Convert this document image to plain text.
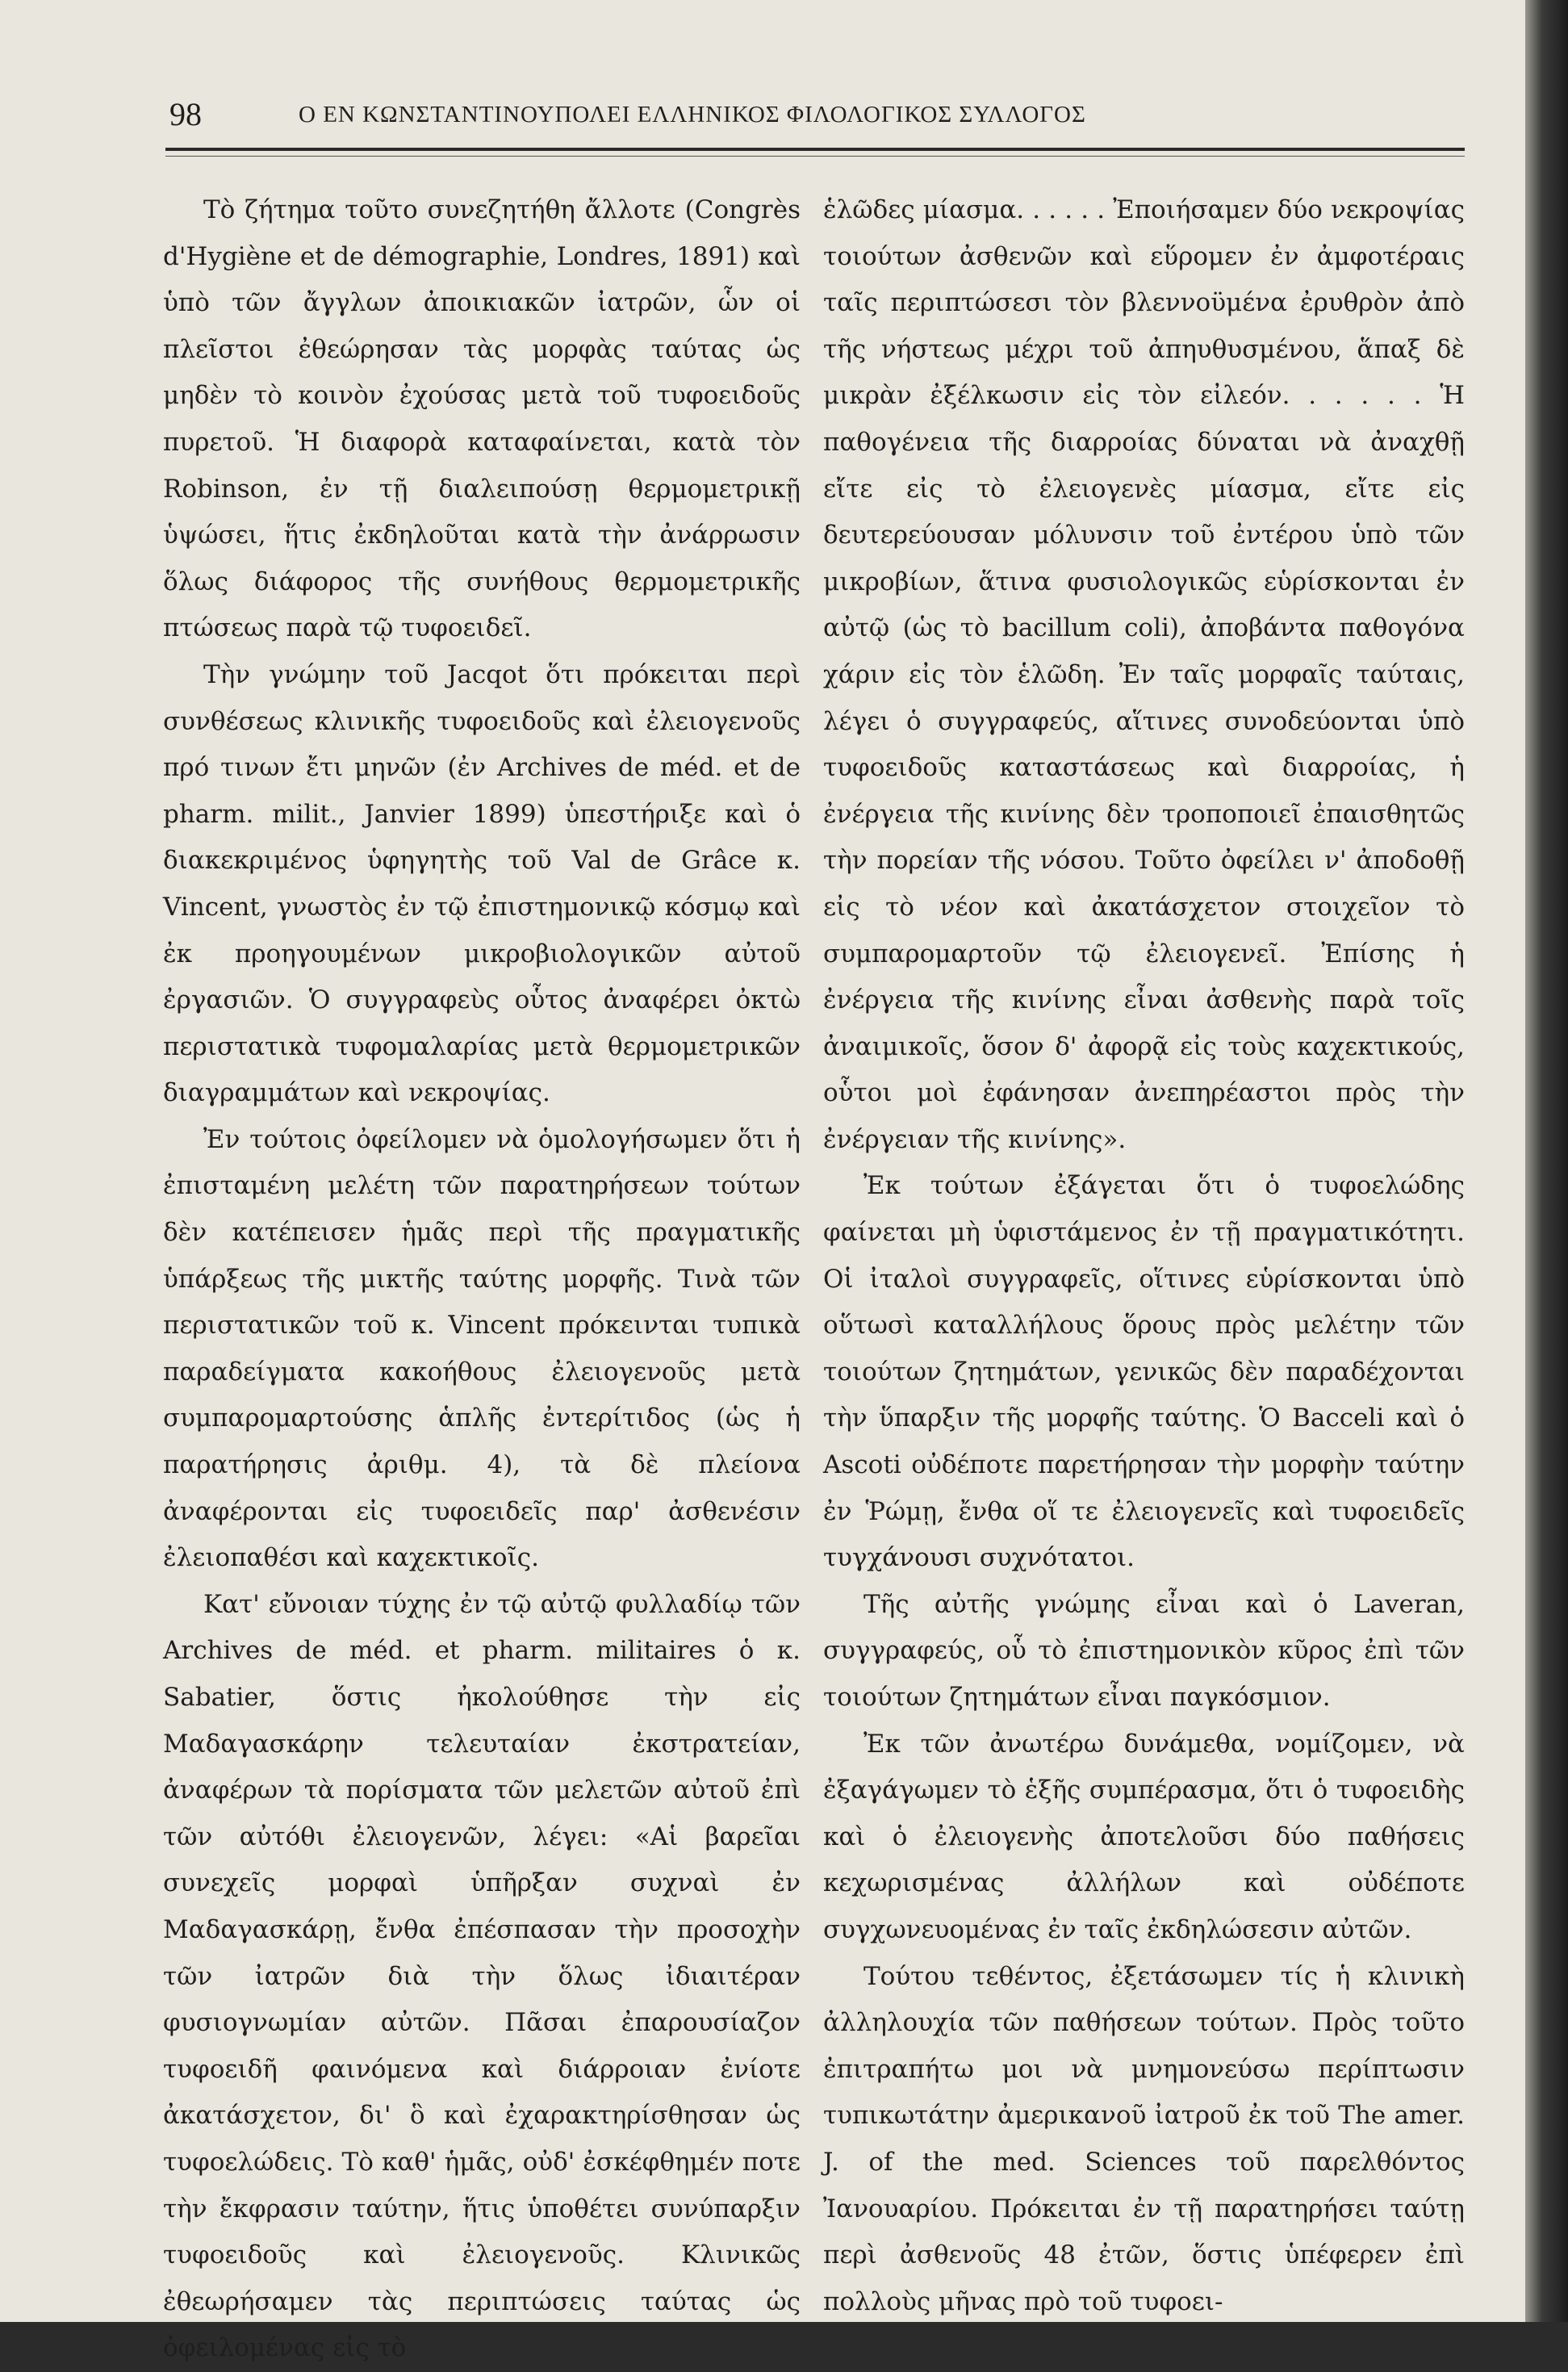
98	Ο ΕΝ ΚΩΝΣΤΑΝΤΙΝΟΥΠΟΛΕΙ ΕΛΛΗΝΙΚΟΣ ΦΙΛΟΛΟΓΙΚΟΣ ΣΥΛΛΟΓΟΣ

Τὸ ζήτημα τοῦτο συνεζητήθη ἄλλοτε (Congrès d'Hygiène et de démographie, Londres, 1891) καὶ ὑπὸ τῶν ἄγγλων ἀποικιακῶν ἰατρῶν, ὧν οἱ πλεῖστοι ἐθεώρησαν τὰς μορφὰς ταύτας ὡς μηδὲν τὸ κοινὸν ἐχούσας μετὰ τοῦ τυφοειδοῦς πυρετοῦ. Ἡ διαφορὰ καταφαίνεται, κατὰ τὸν Robinson, ἐν τῇ διαλειπούσῃ θερμομετρικῇ ὑψώσει, ἥτις ἐκδηλοῦται κατὰ τὴν ἀνάρρωσιν ὅλως διάφορος τῆς συνήθους θερμομετρικῆς πτώσεως παρὰ τῷ τυφοειδεῖ.

Τὴν γνώμην τοῦ Jacqot ὅτι πρόκειται περὶ συνθέσεως κλινικῆς τυφοειδοῦς καὶ ἐλειογενοῦς πρό τινων ἔτι μηνῶν (ἐν Archives de méd. et de pharm. milit., Janvier 1899) ὑπεστήριξε καὶ ὁ διακεκριμένος ὑφηγητὴς τοῦ Val de Grâce κ. Vincent, γνωστὸς ἐν τῷ ἐπιστημονικῷ κόσμῳ καὶ ἐκ προηγουμένων μικροβιολογικῶν αὐτοῦ ἐργασιῶν. Ὁ συγγραφεὺς οὗτος ἀναφέρει ὀκτὼ περιστατικὰ τυφομαλαρίας μετὰ θερμομετρικῶν διαγραμμάτων καὶ νεκροψίας.

Ἐν τούτοις ὀφείλομεν νὰ ὁμολογήσωμεν ὅτι ἡ ἐπισταμένη μελέτη τῶν παρατηρήσεων τούτων δὲν κατέπεισεν ἡμᾶς περὶ τῆς πραγματικῆς ὑπάρξεως τῆς μικτῆς ταύτης μορφῆς. Τινὰ τῶν περιστατικῶν τοῦ κ. Vincent πρόκεινται τυπικὰ παραδείγματα κακοήθους ἐλειογενοῦς μετὰ συμπαρομαρτούσης ἁπλῆς ἐντερίτιδος (ὡς ἡ παρατήρησις ἀριθμ. 4), τὰ δὲ πλείονα ἀναφέρονται εἰς τυφοειδεῖς παρ' ἀσθενέσιν ἐλειοπαθέσι καὶ καχεκτικοῖς.

Κατ' εὔνοιαν τύχης ἐν τῷ αὐτῷ φυλλαδίῳ τῶν Archives de méd. et pharm. militaires ὁ κ. Sabatier, ὅστις ἠκολούθησε τὴν εἰς Μαδαγασκάρην τελευταίαν ἐκστρατείαν, ἀναφέρων τὰ πορίσματα τῶν μελετῶν αὐτοῦ ἐπὶ τῶν αὐτόθι ἐλειογενῶν, λέγει: «Αἱ βαρεῖαι συνεχεῖς μορφαὶ ὑπῆρξαν συχναὶ ἐν Μαδαγασκάρῃ, ἔνθα ἐπέσπασαν τὴν προσοχὴν τῶν ἰατρῶν διὰ τὴν ὅλως ἰδιαιτέραν φυσιογνωμίαν αὐτῶν. Πᾶσαι ἐπαρουσίαζον τυφοειδῆ φαινόμενα καὶ διάρροιαν ἐνίοτε ἀκατάσχετον, δι' ὃ καὶ ἐχαρακτηρίσθησαν ὡς τυφοελώδεις. Τὸ καθ' ἡμᾶς, οὐδ' ἐσκέφθημέν ποτε τὴν ἔκφρασιν ταύτην, ἥτις ὑποθέτει συνύπαρξιν τυφοειδοῦς καὶ ἐλειογενοῦς. Κλινικῶς ἐθεωρήσαμεν τὰς περιπτώσεις ταύτας ὡς ὀφειλομένας εἰς τὸ

ἑλῶδες μίασμα. . . . . . Ἐποιήσαμεν δύο νεκροψίας τοιούτων ἀσθενῶν καὶ εὕρομεν ἐν ἀμφοτέραις ταῖς περιπτώσεσι τὸν βλεννοϋμένα ἐρυθρὸν ἀπὸ τῆς νήστεως μέχρι τοῦ ἀπηυθυσμένου, ἅπαξ δὲ μικρὰν ἐξέλκωσιν εἰς τὸν εἰλεόν. . . . . . Ἡ παθογένεια τῆς διαρροίας δύναται νὰ ἀναχθῇ εἴτε εἰς τὸ ἐλειογενὲς μίασμα, εἴτε εἰς δευτερεύουσαν μόλυνσιν τοῦ ἐντέρου ὑπὸ τῶν μικροβίων, ἅτινα φυσιολογικῶς εὑρίσκονται ἐν αὐτῷ (ὡς τὸ bacillum coli), ἀποβάντα παθογόνα χάριν εἰς τὸν ἑλῶδη. Ἐν ταῖς μορφαῖς ταύταις, λέγει ὁ συγγραφεύς, αἵτινες συνοδεύονται ὑπὸ τυφοειδοῦς καταστάσεως καὶ διαρροίας, ἡ ἐνέργεια τῆς κινίνης δὲν τροποποιεῖ ἐπαισθητῶς τὴν πορείαν τῆς νόσου. Τοῦτο ὀφείλει ν' ἀποδοθῇ εἰς τὸ νέον καὶ ἀκατάσχετον στοιχεῖον τὸ συμπαρομαρτοῦν τῷ ἐλειογενεῖ. Ἐπίσης ἡ ἐνέργεια τῆς κινίνης εἶναι ἀσθενὴς παρὰ τοῖς ἀναιμικοῖς, ὅσον δ' ἀφορᾷ εἰς τοὺς καχεκτικούς, οὗτοι μοὶ ἐφάνησαν ἀνεπηρέαστοι πρὸς τὴν ἐνέργειαν τῆς κινίνης».

Ἐκ τούτων ἐξάγεται ὅτι ὁ τυφοελώδης φαίνεται μὴ ὑφιστάμενος ἐν τῇ πραγματικότητι. Οἱ ἰταλοὶ συγγραφεῖς, οἵτινες εὑρίσκονται ὑπὸ οὕτωσὶ καταλλήλους ὅρους πρὸς μελέτην τῶν τοιούτων ζητημάτων, γενικῶς δὲν παραδέχονται τὴν ὕπαρξιν τῆς μορφῆς ταύτης. Ὁ Bacceli καὶ ὁ Ascoti οὐδέποτε παρετήρησαν τὴν μορφὴν ταύτην ἐν Ῥώμῃ, ἔνθα οἵ τε ἐλειογενεῖς καὶ τυφοειδεῖς τυγχάνουσι συχνότατοι.

Τῆς αὐτῆς γνώμης εἶναι καὶ ὁ Laveran, συγγραφεύς, οὗ τὸ ἐπιστημονικὸν κῦρος ἐπὶ τῶν τοιούτων ζητημάτων εἶναι παγκόσμιον.

Ἐκ τῶν ἀνωτέρω δυνάμεθα, νομίζομεν, νὰ ἐξαγάγωμεν τὸ ἑξῆς συμπέρασμα, ὅτι ὁ τυφοειδὴς καὶ ὁ ἐλειογενὴς ἀποτελοῦσι δύο παθήσεις κεχωρισμένας ἀλλήλων καὶ οὐδέποτε συγχωνευομένας ἐν ταῖς ἐκδηλώσεσιν αὐτῶν.

Τούτου τεθέντος, ἐξετάσωμεν τίς ἡ κλινικὴ ἀλληλουχία τῶν παθήσεων τούτων. Πρὸς τοῦτο ἐπιτραπήτω μοι νὰ μνημονεύσω περίπτωσιν τυπικωτάτην ἀμερικανοῦ ἰατροῦ ἐκ τοῦ The amer. J. of the med. Sciences τοῦ παρελθόντος Ἰανουαρίου. Πρόκειται ἐν τῇ παρατηρήσει ταύτῃ περὶ ἀσθενοῦς 48 ἐτῶν, ὅστις ὑπέφερεν ἐπὶ πολλοὺς μῆνας πρὸ τοῦ τυφοει-
